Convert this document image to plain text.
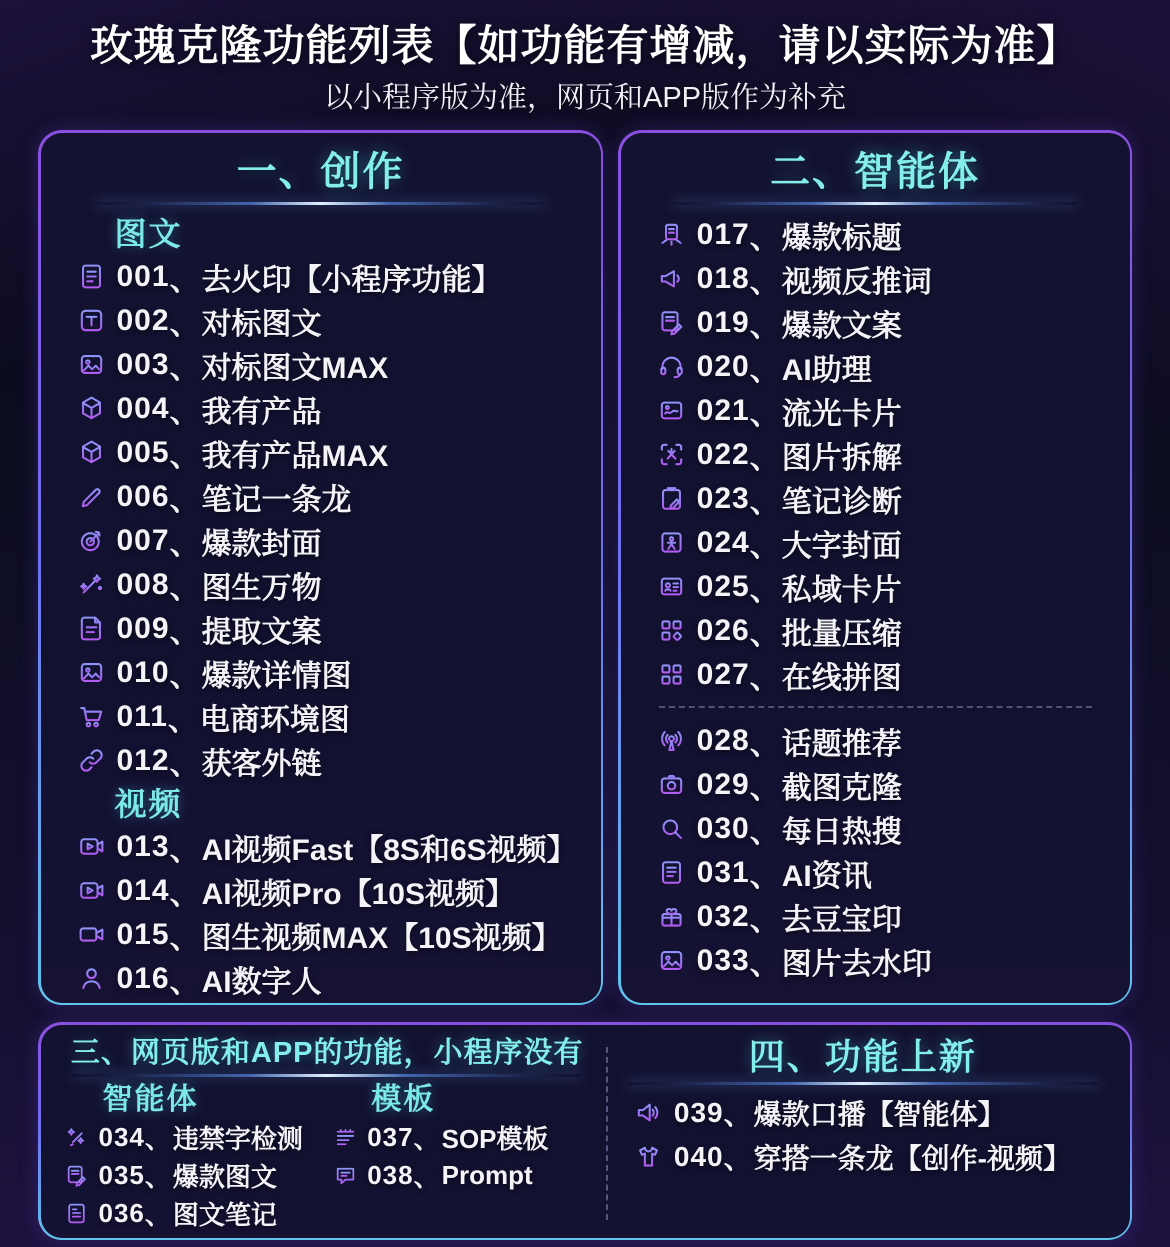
玫瑰克隆功能列表【如功能有增减，请以实际为准】
以小程序版为准，网页和APP版作为补充
一、创作
图文
001 、 去火印【小程序功能】
002 、 对标图文
003 、 对标图文MAX
004 、 我有产品
005 、 我有产品MAX
006 、 笔记一条龙
007 、 爆款封面
008 、 图生万物
009 、 提取文案
010 、 爆款详情图
011 、 电商环境图
012 、 获客外链
视频
013 、 AI视频Fast【8S和6S视频】
014 、 AI视频Pro【10S视频】
015 、 图生视频MAX【10S视频】
016 、 AI数字人
二、智能体
017 、 爆款标题
018 、 视频反推词
019 、 爆款文案
020 、 AI助理
021 、 流光卡片
022 、 图片拆解
023 、 笔记诊断
024 、 大字封面
025 、 私域卡片
026 、 批量压缩
027 、 在线拼图
028 、 话题推荐
029 、 截图克隆
030 、 每日热搜
031 、 AI资讯
032 、 去豆宝印
033 、 图片去水印
三、网页版和APP的功能，小程序没有
智能体
034 、 违禁字检测
035 、 爆款图文
036 、 图文笔记
模板
037 、 SOP模板
038 、 Prompt
四、功能上新
039 、 爆款口播【智能体】
040 、 穿搭一条龙【创作-视频】
